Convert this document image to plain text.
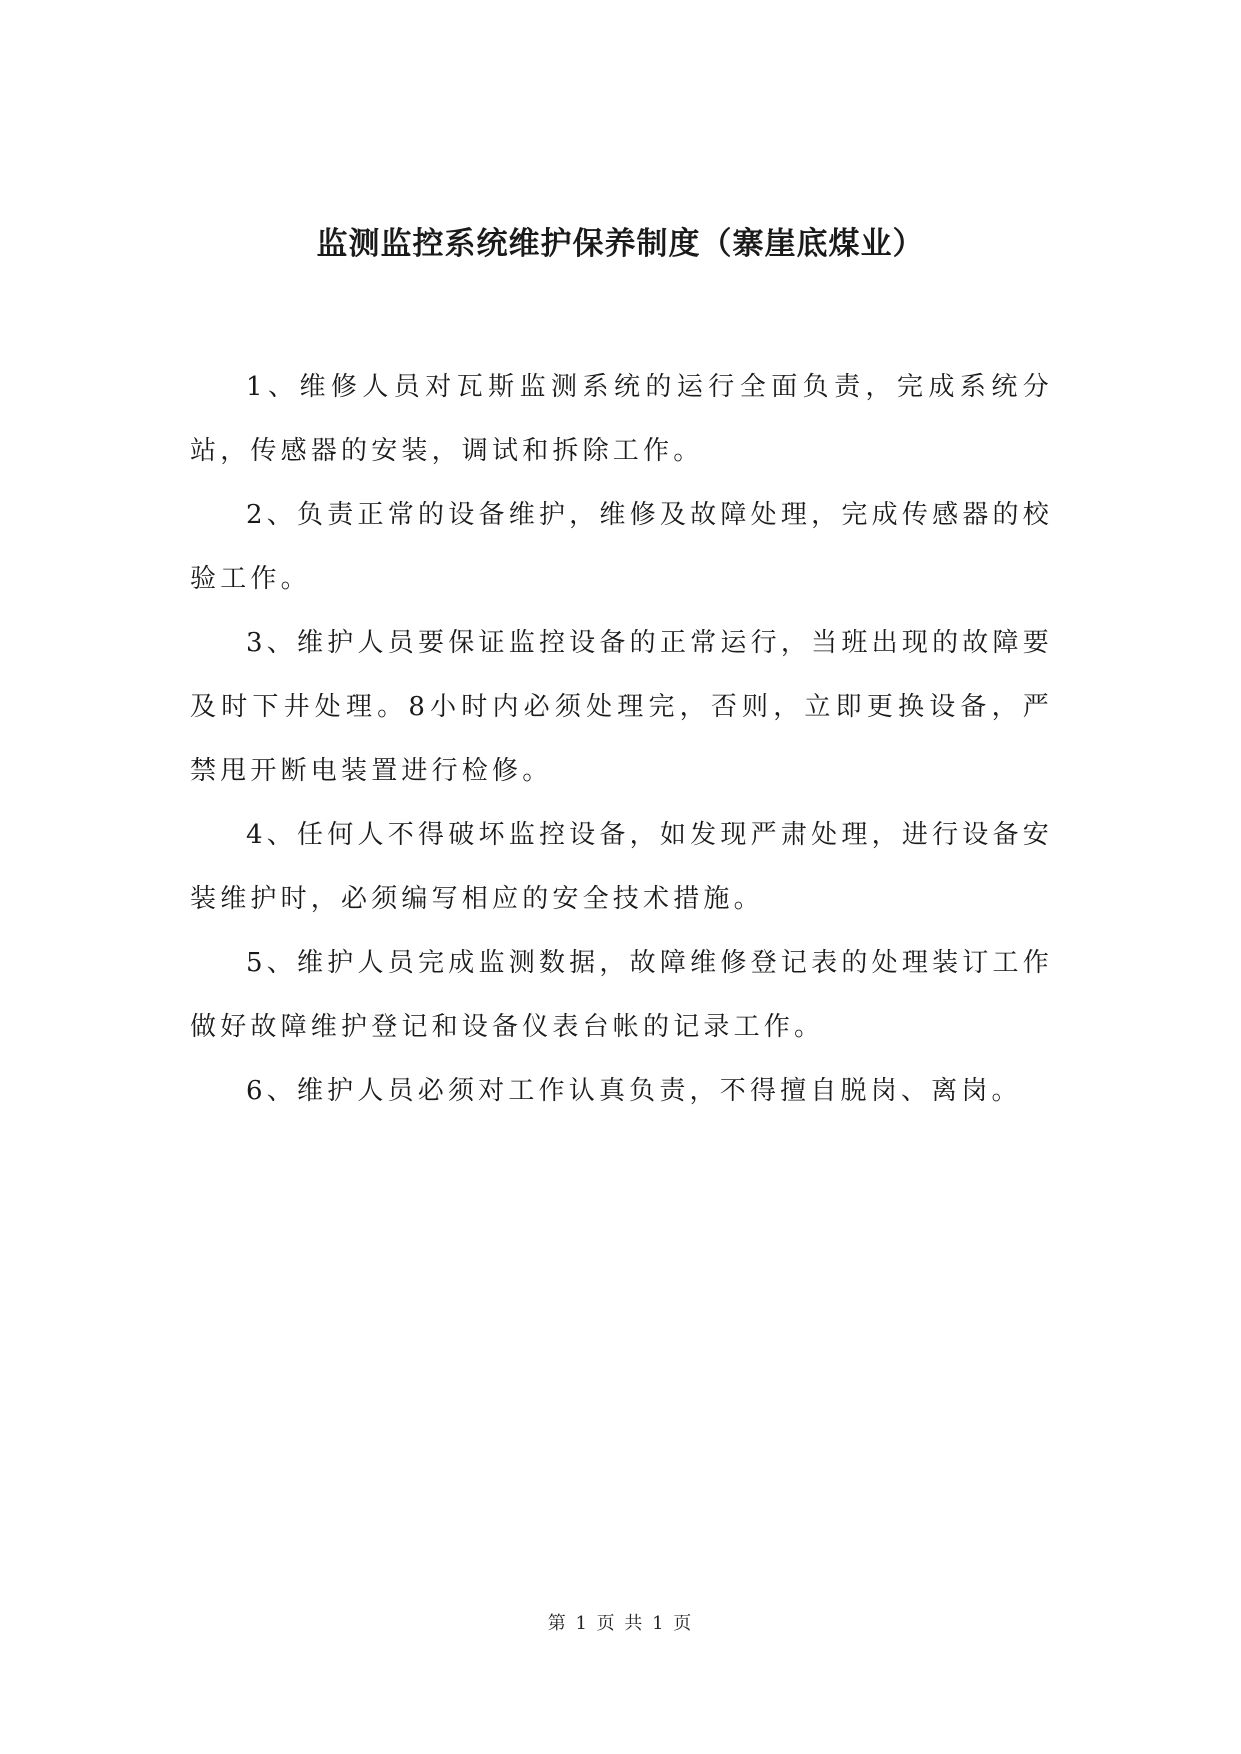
监测监控系统维护保养制度（寨崖底煤业）

1、维修人员对瓦斯监测系统的运行全面负责，完成系统分站，传感器的安装，调试和拆除工作。

2、负责正常的设备维护，维修及故障处理，完成传感器的校验工作。

3、维护人员要保证监控设备的正常运行，当班出现的故障要及时下井处理。8小时内必须处理完，否则，立即更换设备，严禁甩开断电装置进行检修。

4、任何人不得破坏监控设备，如发现严肃处理，进行设备安装维护时，必须编写相应的安全技术措施。

5、维护人员完成监测数据，故障维修登记表的处理装订工作做好故障维护登记和设备仪表台帐的记录工作。

6、维护人员必须对工作认真负责，不得擅自脱岗、离岗。

第 1 页 共 1 页
